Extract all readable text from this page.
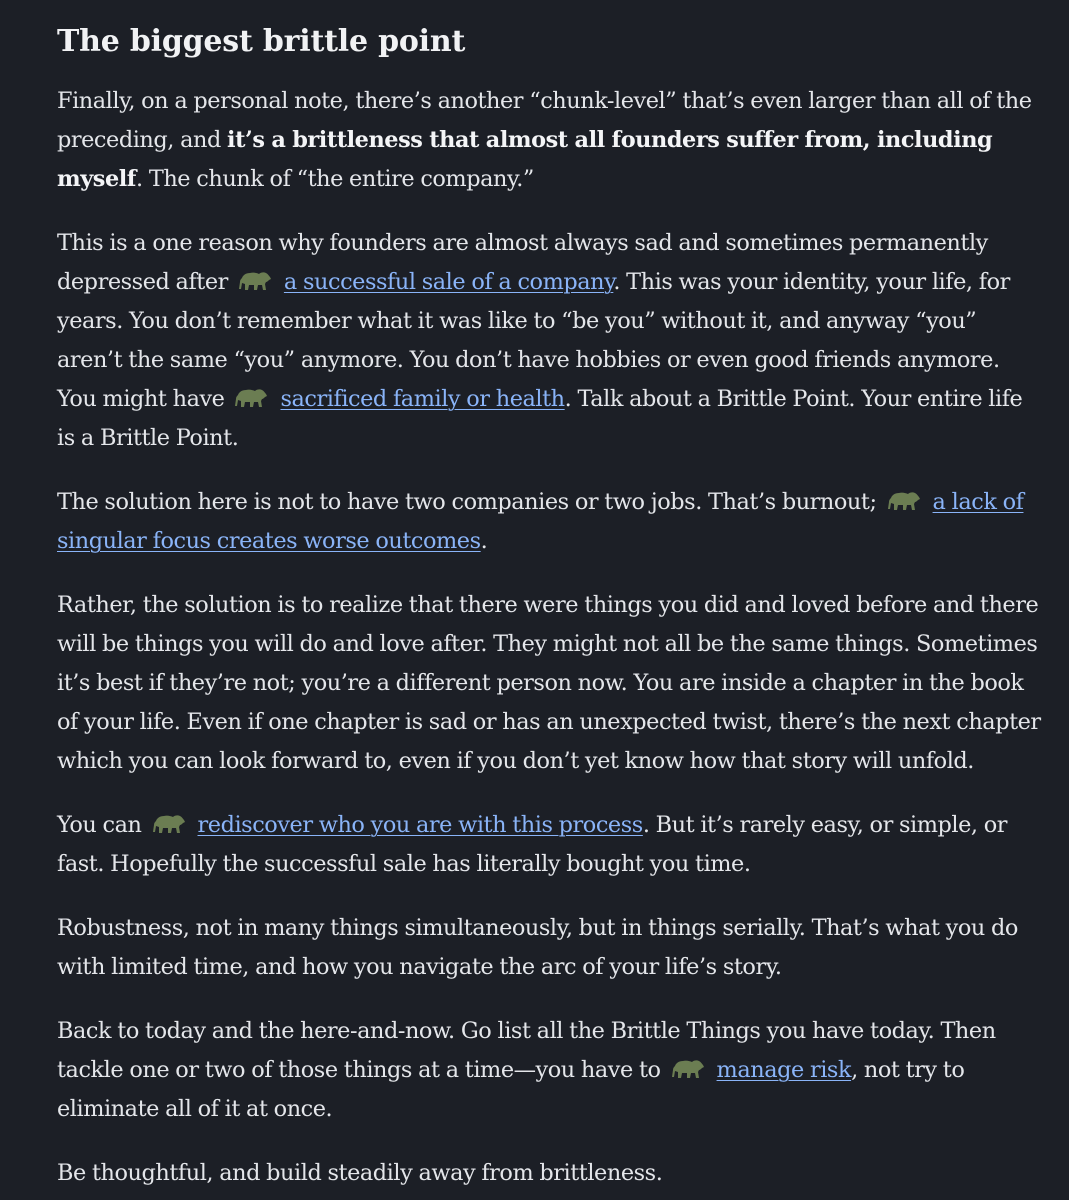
The biggest brittle point

Finally, on a personal note, there’s another “chunk-level” that’s even larger than all of the preceding, and it’s a brittleness that almost all founders suffer from, including myself. The chunk of “the entire company.”

This is a one reason why founders are almost always sad and sometimes permanently depressed after	a successful sale of a company. This was your identity, your life, for years. You don’t remember what it was like to “be you” without it, and anyway “you” aren’t the same “you” anymore. You don’t have hobbies or even good friends anymore. You might have	sacrificed family or health. Talk about a Brittle Point. Your entire life is a Brittle Point.

The solution here is not to have two companies or two jobs. That’s burnout;	a lack of singular focus creates worse outcomes.

Rather, the solution is to realize that there were things you did and loved before and there will be things you will do and love after. They might not all be the same things. Sometimes it’s best if they’re not; you’re a different person now. You are inside a chapter in the book of your life. Even if one chapter is sad or has an unexpected twist, there’s the next chapter which you can look forward to, even if you don’t yet know how that story will unfold.

You can	rediscover who you are with this process. But it’s rarely easy, or simple, or fast. Hopefully the successful sale has literally bought you time.

Robustness, not in many things simultaneously, but in things serially. That’s what you do with limited time, and how you navigate the arc of your life’s story.

Back to today and the here-and-now. Go list all the Brittle Things you have today. Then tackle one or two of those things at a time—you have to	manage risk, not try to eliminate all of it at once.

Be thoughtful, and build steadily away from brittleness.
